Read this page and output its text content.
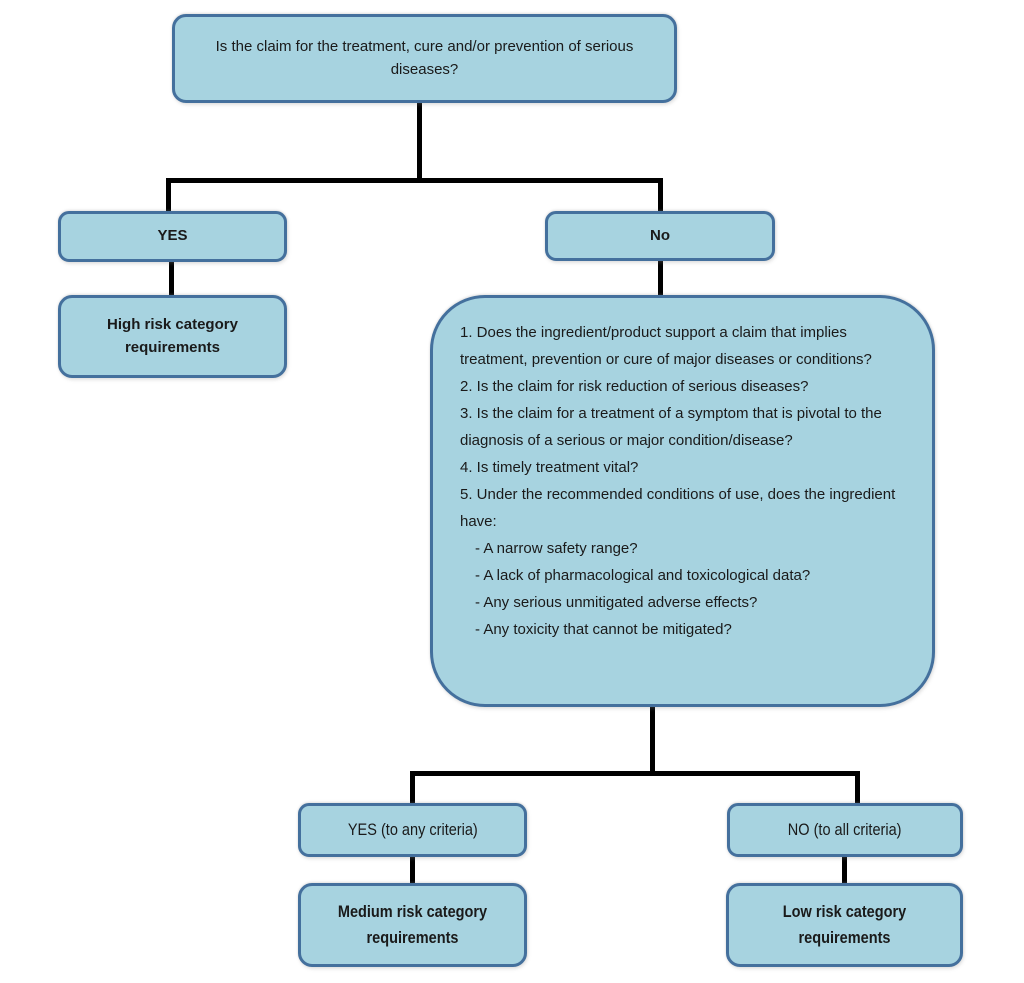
Is the claim for the treatment, cure and/or prevention of serious diseases?
YES	No
High risk category requirements
1. Does the ingredient/product support a claim that implies treatment, prevention or cure of major diseases or conditions?
2. Is the claim for risk reduction of serious diseases?
3. Is the claim for a treatment of a symptom that is pivotal to the diagnosis of a serious or major condition/disease?
4. Is timely treatment vital?
5. Under the recommended conditions of use, does the ingredient have:
- A narrow safety range?
- A lack of pharmacological and toxicological data?
- Any serious unmitigated adverse effects?
- Any toxicity that cannot be mitigated?
YES (to any criteria)	NO (to all criteria)
Medium risk category requirements
Low risk category requirements
